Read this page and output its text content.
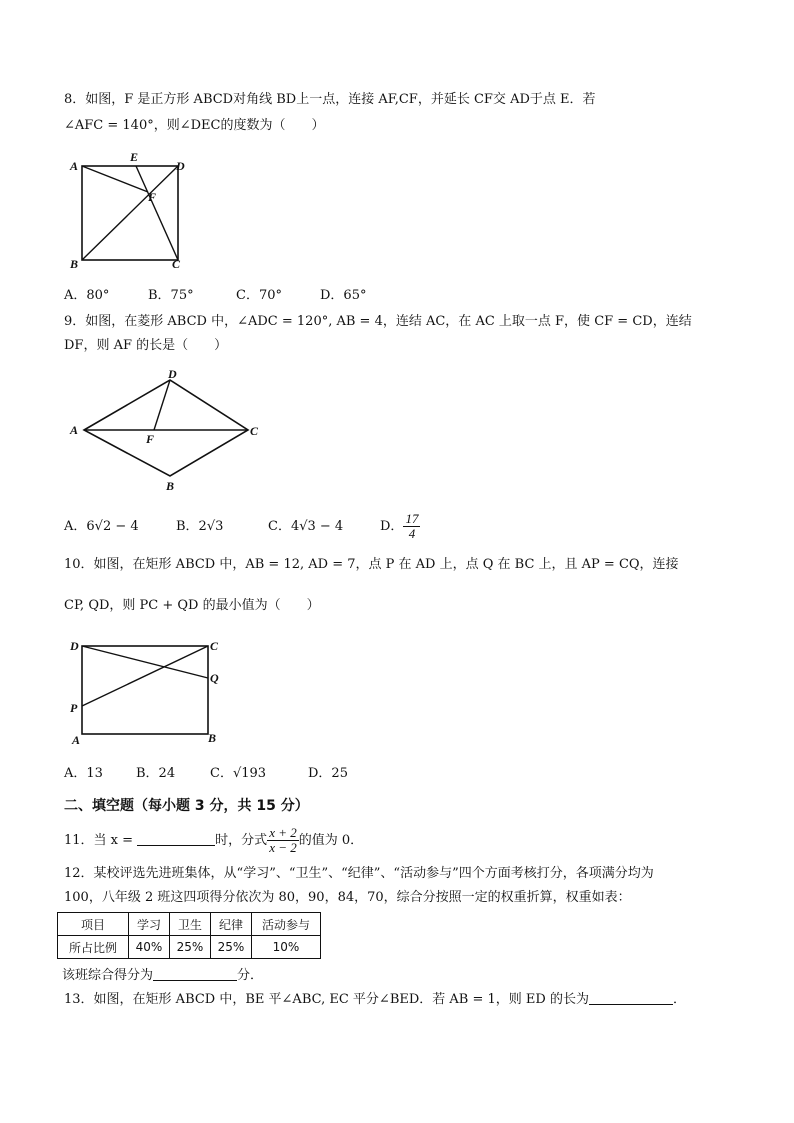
8．如图，F 是正方形 ABCD对角线 BD上一点，连接 AF,CF，并延长 CF交 AD于点 E．若
∠AFC = 140°，则∠DEC的度数为（　　）
A
B	C
D
E
F
A．80°	B．75°	C．70°	D．65°
9．如图，在菱形 ABCD 中，∠ADC = 120°, AB = 4，连结 AC，在 AC 上取一点 F，使 CF = CD，连结
DF，则 AF 的长是（　　）
A
B
C
D
F
A．6√2 − 4	B．2√3	C．4√3 − 4	D． $\frac{17}{4}$
10．如图，在矩形 ABCD 中，AB = 12, AD = 7，点 P 在 AD 上，点 Q 在 BC 上，且 AP = CQ，连接
CP, QD，则 PC + QD 的最小值为（　　）
D	C
Q
P
A	B
A．13	B．24	C．√193	D．25
二、填空题（每小题 3 分，共 15 分）
11．当 x =	时，分式 $\frac{x + 2}{x - 2}$ 的值为 0．
12．某校评选先进班集体，从“学习”、“卫生”、“纪律”、“活动参与”四个方面考核打分，各项满分均为
100，八年级 2 班这四项得分依次为 80，90，84，70，综合分按照一定的权重折算，权重如表：
项目	学习	卫生	纪律	活动参与
所占比例	40%	25%	25%	10%
该班综合得分为	分．
13．如图，在矩形 ABCD 中，BE 平∠ABC, EC 平分∠BED．若 AB = 1，则 ED 的长为	．
